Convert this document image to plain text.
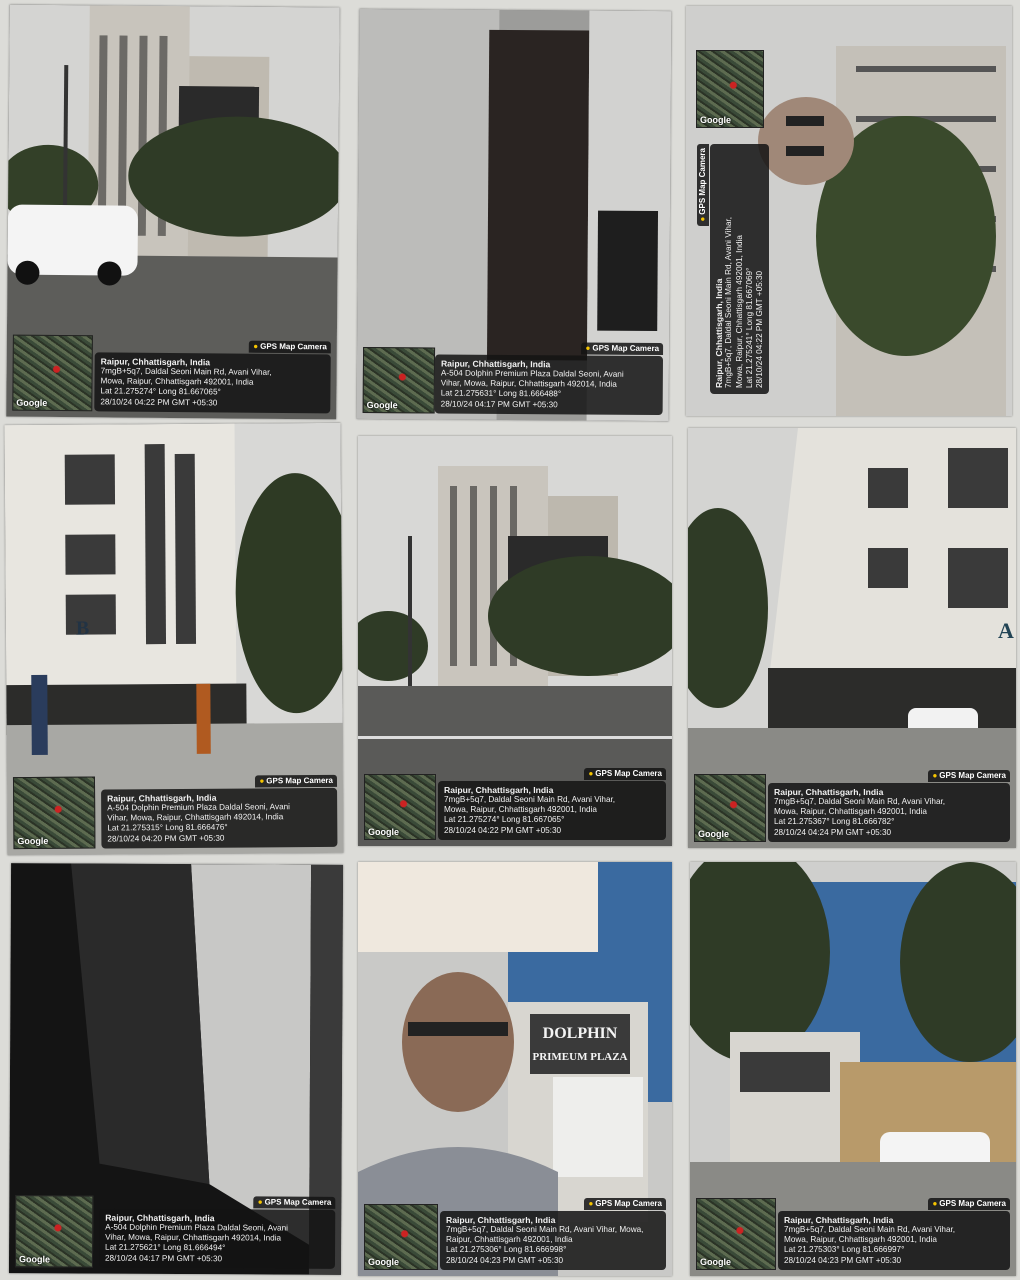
Google
● GPS Map Camera
Raipur, Chhattisgarh, India
7mgB+5q7, Daldal Seoni Main Rd, Avani Vihar,
Mowa, Raipur, Chhattisgarh 492001, India
Lat 21.275274° Long 81.667065°
28/10/24 04:22 PM GMT +05:30	Google
● GPS Map Camera
Raipur, Chhattisgarh, India
A-504 Dolphin Premium Plaza Daldal Seoni, Avani
Vihar, Mowa, Raipur, Chhattisgarh 492014, India
Lat 21.275631° Long 81.666488°
28/10/24 04:17 PM GMT +05:30
Google
●GPS Map Camera
Raipur, Chhattisgarh, India 7mgB+5q7, Daldal Seoni Main Rd, Avani Vihar, Mowa, Raipur, Chhattisgarh 492001, India Lat 21.275241° Long 81.667069° 28/10/24 04:22 PM GMT +05:30
B
Google
● GPS Map Camera
Raipur, Chhattisgarh, India
A-504 Dolphin Premium Plaza Daldal Seoni, Avani
Vihar, Mowa, Raipur, Chhattisgarh 492014, India
Lat 21.275315° Long 81.666476°
28/10/24 04:20 PM GMT +05:30
Google
● GPS Map Camera
Raipur, Chhattisgarh, India
7mgB+5q7, Daldal Seoni Main Rd, Avani Vihar,
Mowa, Raipur, Chhattisgarh 492001, India
Lat 21.275274° Long 81.667065°
28/10/24 04:22 PM GMT +05:30
A
Google
● GPS Map Camera
Raipur, Chhattisgarh, India
7mgB+5q7, Daldal Seoni Main Rd, Avani Vihar,
Mowa, Raipur, Chhattisgarh 492001, India
Lat 21.275367° Long 81.666782°
28/10/24 04:24 PM GMT +05:30
Google
● GPS Map Camera
Raipur, Chhattisgarh, India
A-504 Dolphin Premium Plaza Daldal Seoni, Avani
Vihar, Mowa, Raipur, Chhattisgarh 492014, India
Lat 21.275621° Long 81.666494°
28/10/24 04:17 PM GMT +05:30
DOLPHIN
PRIMEUM PLAZA
Google
● GPS Map Camera
Raipur, Chhattisgarh, India
7mgB+5q7, Daldal Seoni Main Rd, Avani Vihar, Mowa,
Raipur, Chhattisgarh 492001, India
Lat 21.275306° Long 81.666998°
28/10/24 04:23 PM GMT +05:30	Google
● GPS Map Camera
Raipur, Chhattisgarh, India
7mgB+5q7, Daldal Seoni Main Rd, Avani Vihar,
Mowa, Raipur, Chhattisgarh 492001, India
Lat 21.275303° Long 81.666997°
28/10/24 04:23 PM GMT +05:30
